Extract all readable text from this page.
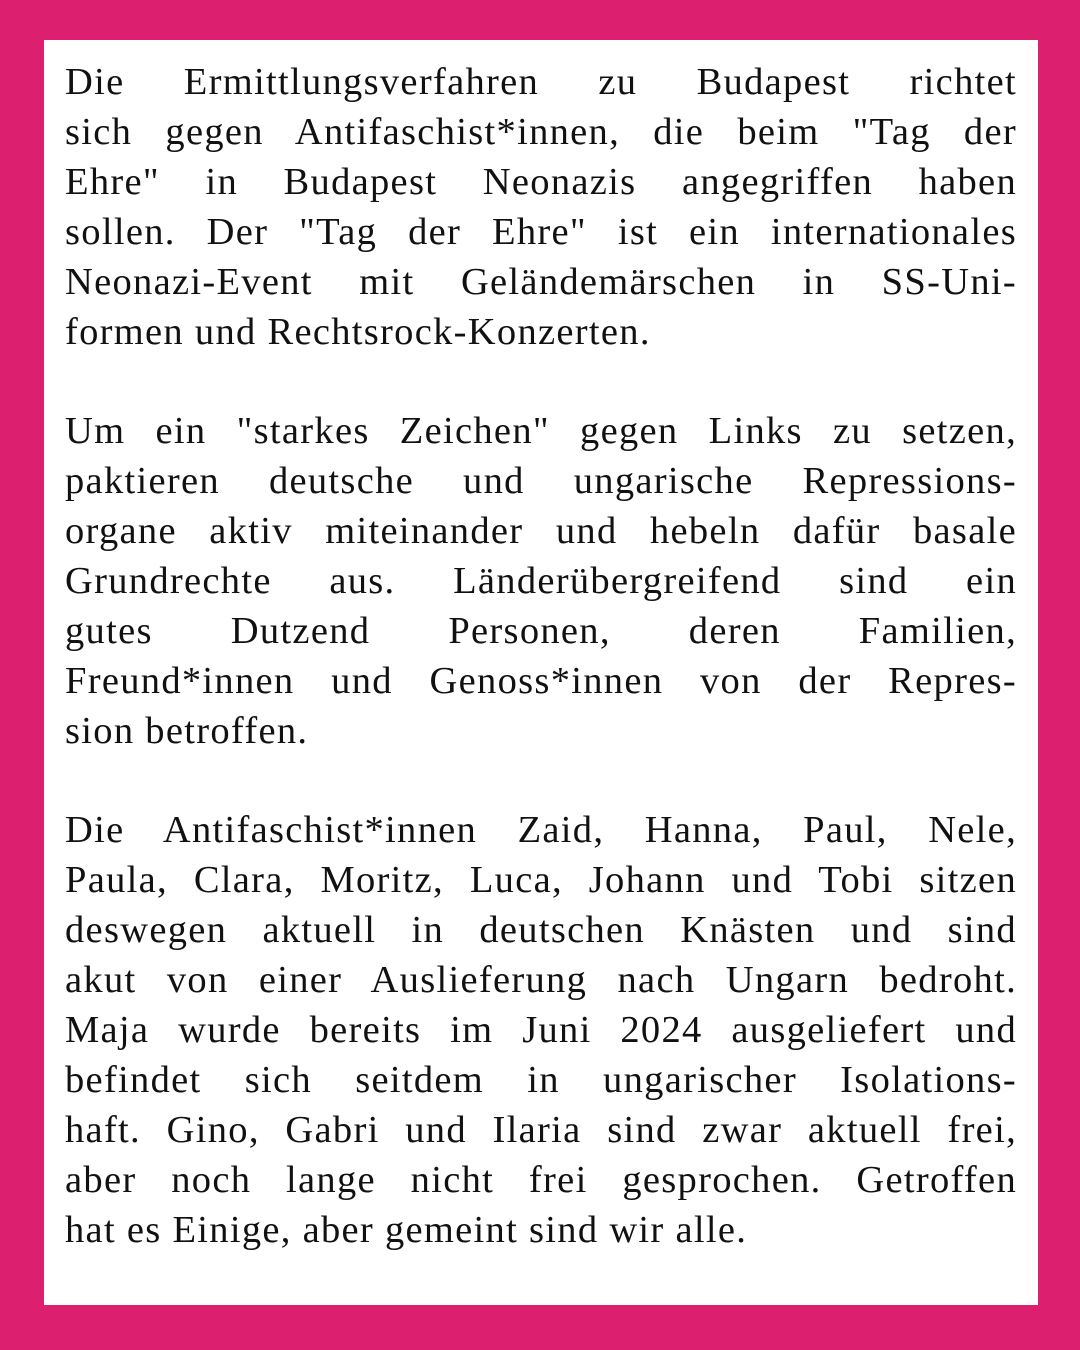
Die Ermittlungsverfahren zu Budapest richtet
sich gegen Antifaschist*innen, die beim "Tag der
Ehre" in Budapest Neonazis angegriffen haben
sollen. Der "Tag der Ehre" ist ein internationales
Neonazi-Event mit Geländemärschen in SS-Uni-
formen und Rechtsrock-Konzerten.
Um ein "starkes Zeichen" gegen Links zu setzen,
paktieren deutsche und ungarische Repressions-
organe aktiv miteinander und hebeln dafür basale
Grundrechte aus. Länderübergreifend sind ein
gutes Dutzend Personen, deren Familien,
Freund*innen und Genoss*innen von der Repres-
sion betroffen.
Die Antifaschist*innen Zaid, Hanna, Paul, Nele,
Paula, Clara, Moritz, Luca, Johann und Tobi sitzen
deswegen aktuell in deutschen Knästen und sind
akut von einer Auslieferung nach Ungarn bedroht.
Maja wurde bereits im Juni 2024 ausgeliefert und
befindet sich seitdem in ungarischer Isolations-
haft. Gino, Gabri und Ilaria sind zwar aktuell frei,
aber noch lange nicht frei gesprochen. Getroffen
hat es Einige, aber gemeint sind wir alle.
